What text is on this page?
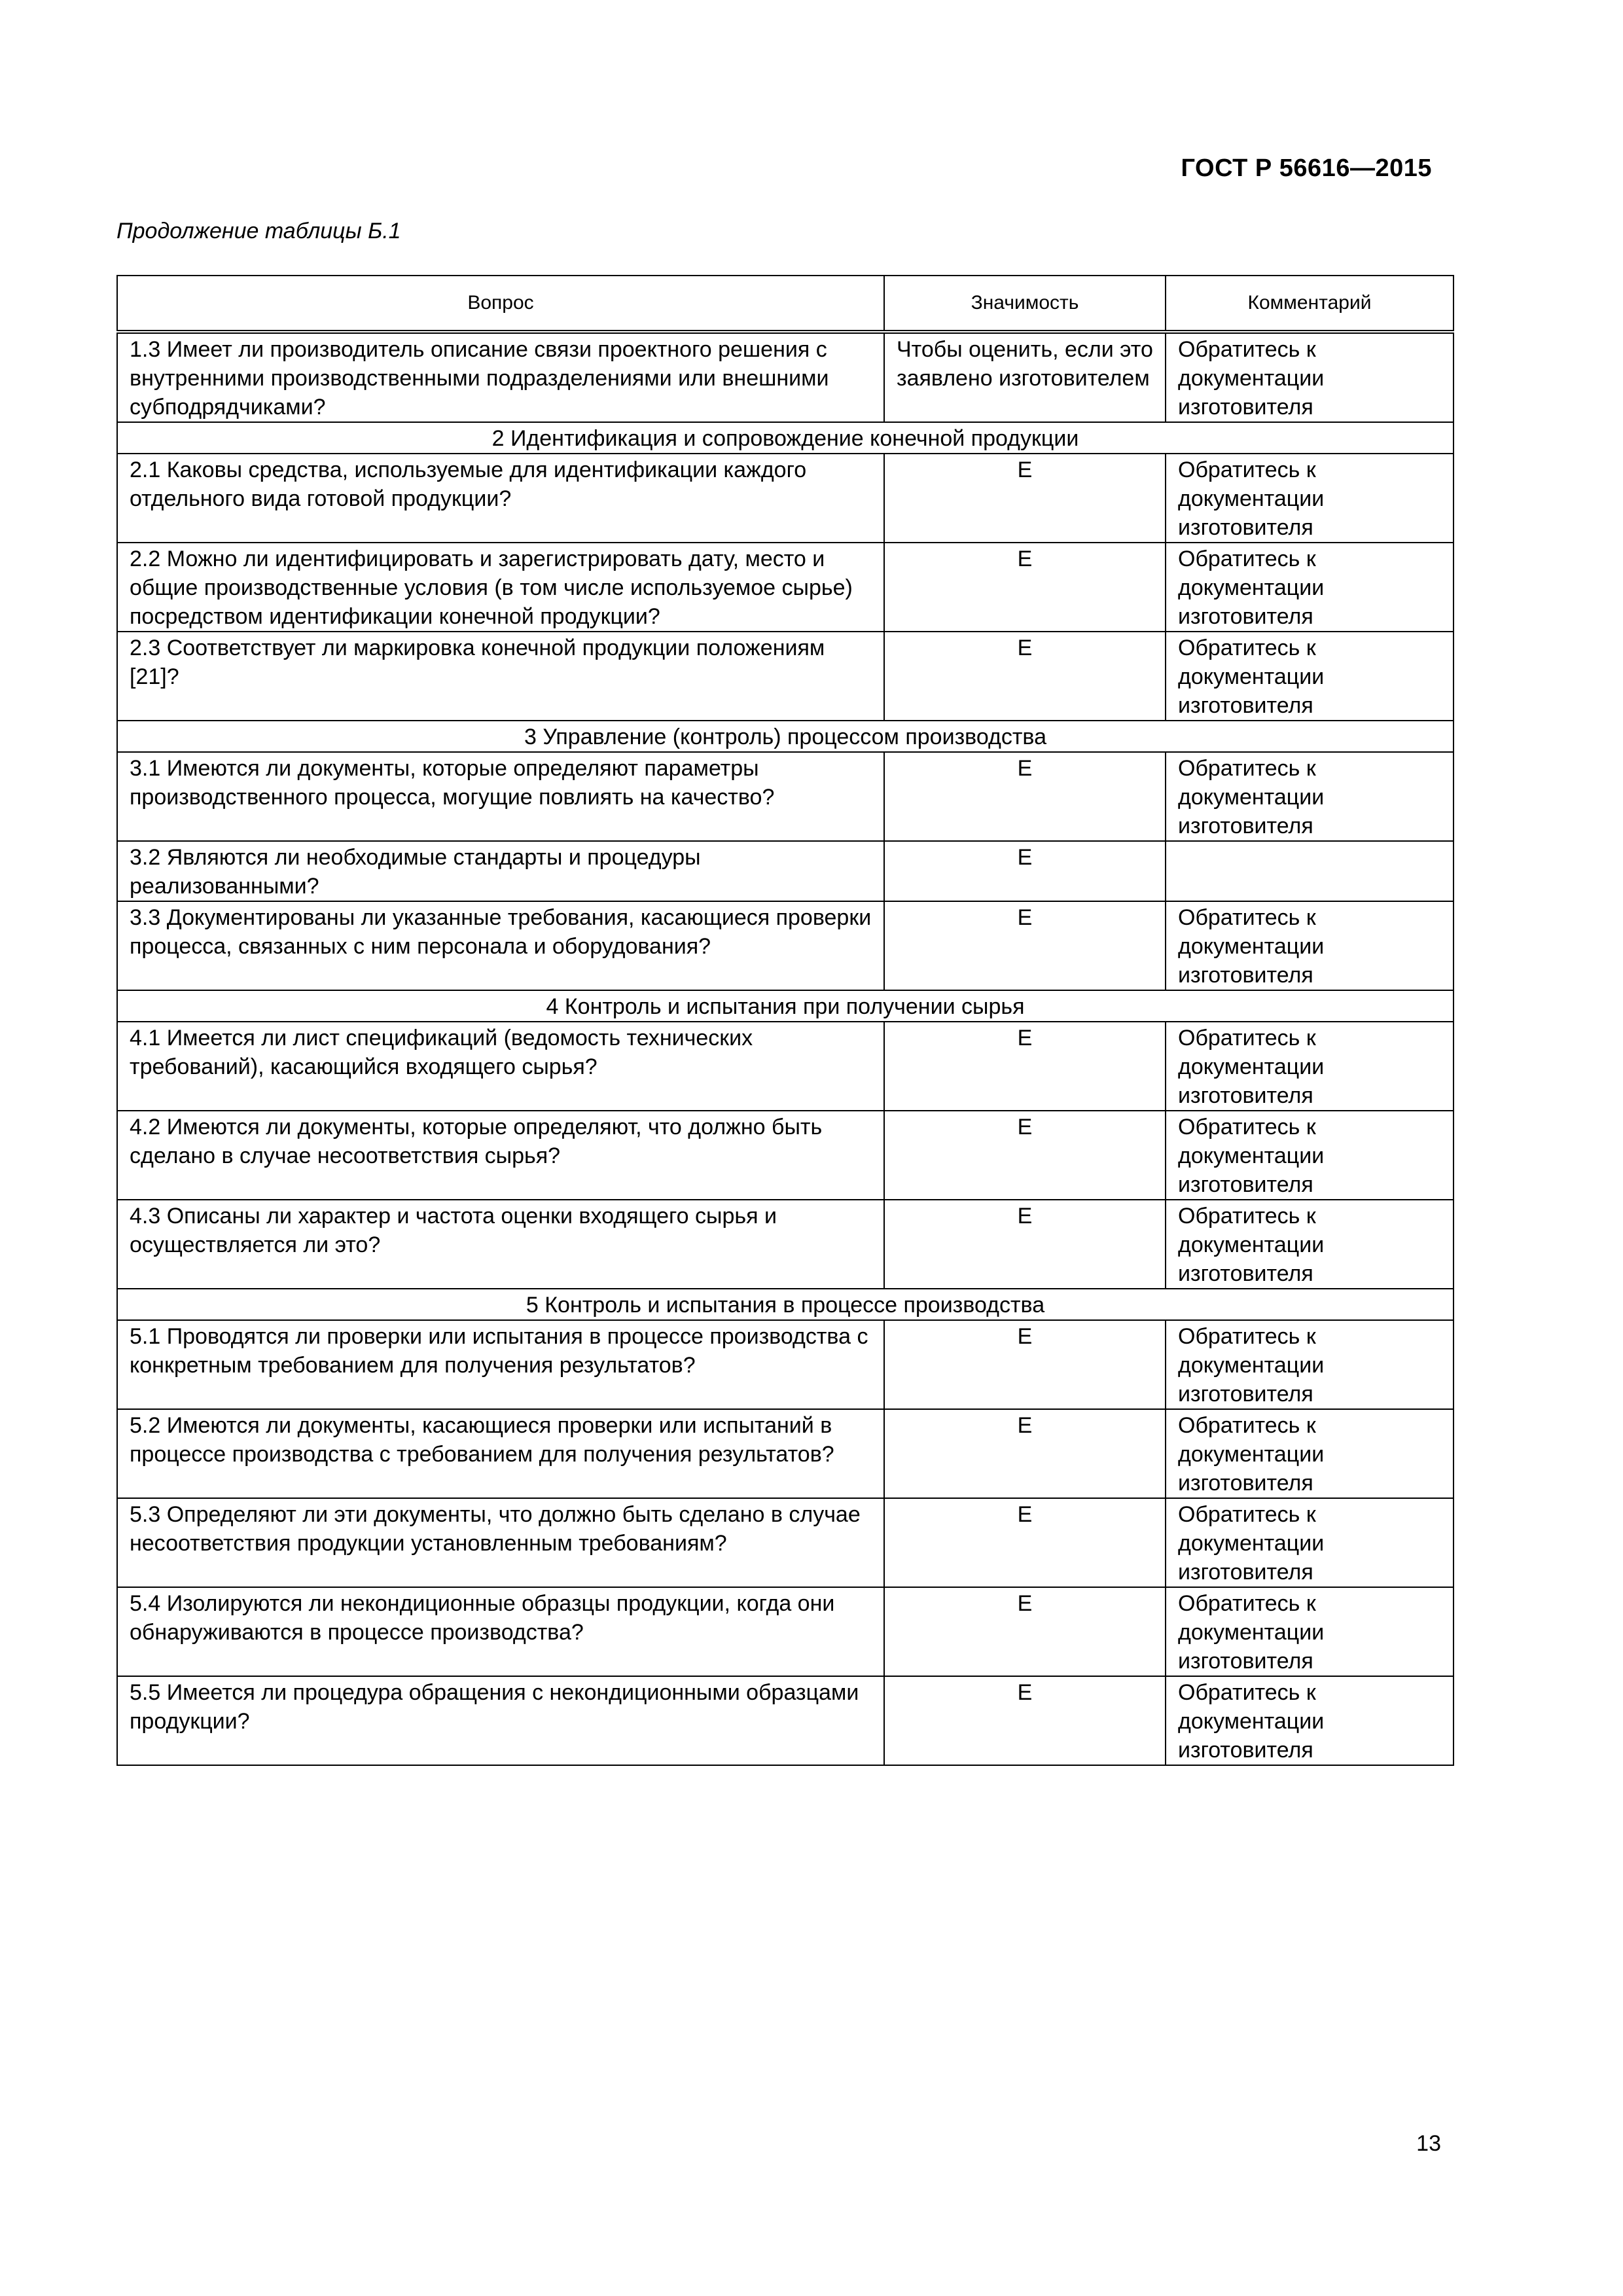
ГОСТ Р 56616—2015
Продолжение таблицы Б.1
Вопрос	Значимость	Комментарий
1.3 Имеет ли производитель описание связи проектного решения с внутренними производственными подразделениями или внешними субподрядчиками?	Чтобы оценить, если это заявлено изготовителем	Обратитесь к документации изготовителя
2 Идентификация и сопровождение конечной продукции		
2.1 Каковы средства, используемые для идентификации каждого отдельного вида готовой продукции?	Е	Обратитесь к документации изготовителя
2.2 Можно ли идентифицировать и зарегистрировать дату, место и общие производственные условия (в том числе используемое сырье) посредством идентификации конечной продукции?	Е	Обратитесь к документации изготовителя
2.3 Соответствует ли маркировка конечной продукции положениям [21]?	Е	Обратитесь к документации изготовителя
3 Управление (контроль) процессом производства		
3.1 Имеются ли документы, которые определяют параметры производственного процесса, могущие повлиять на качество?	Е	Обратитесь к документации изготовителя
3.2 Являются ли необходимые стандарты и процедуры реализованными?	Е	
3.3 Документированы ли указанные требования, касающиеся проверки процесса, связанных с ним персонала и оборудования?	Е	Обратитесь к документации изготовителя
4 Контроль и испытания при получении сырья		
4.1 Имеется ли лист спецификаций (ведомость технических требований), касающийся входящего сырья?	Е	Обратитесь к документации изготовителя
4.2 Имеются ли документы, которые определяют, что должно быть сделано в случае несоответствия сырья?	Е	Обратитесь к документации изготовителя
4.3 Описаны ли характер и частота оценки входящего сырья и осуществляется ли это?	Е	Обратитесь к документации изготовителя
5 Контроль и испытания в процессе производства		
5.1 Проводятся ли проверки или испытания в процессе производства с конкретным требованием для получения результатов?	Е	Обратитесь к документации изготовителя
5.2 Имеются ли документы, касающиеся проверки или испытаний в процессе производства с требованием для получения результатов?	Е	Обратитесь к документации изготовителя
5.3 Определяют ли эти документы, что должно быть сделано в случае несоответствия продукции установленным требованиям?	Е	Обратитесь к документации изготовителя
5.4 Изолируются ли некондиционные образцы продукции, когда они обнаруживаются в процессе производства?	Е	Обратитесь к документации изготовителя
5.5 Имеется ли процедура обращения с некондиционными образцами продукции?	Е	Обратитесь к документации изготовителя
13
